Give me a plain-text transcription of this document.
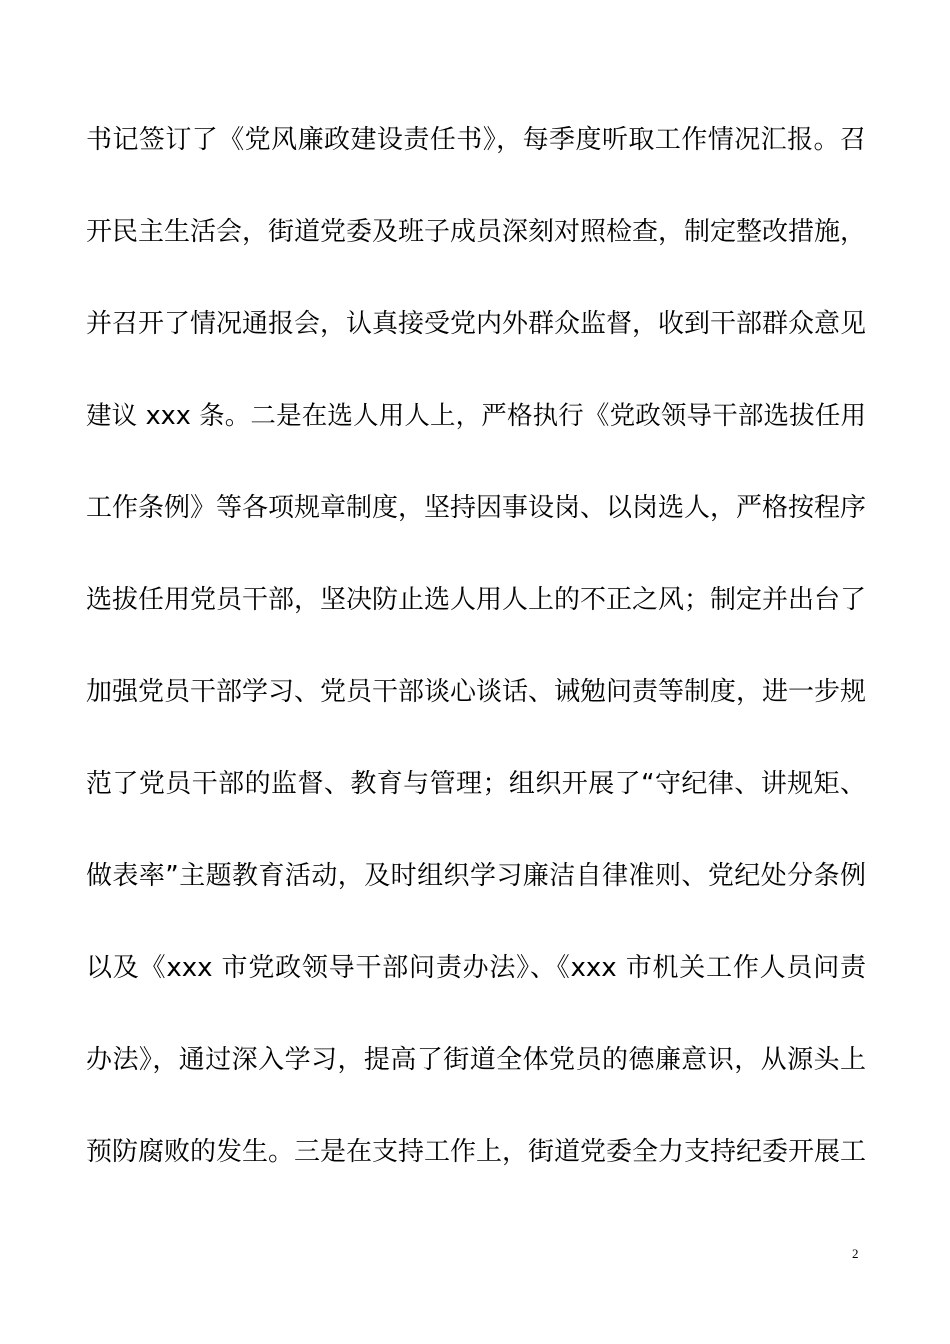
书记签订了《党风廉政建设责任书》，每季度听取工作情况汇报。召
开民主生活会，街道党委及班子成员深刻对照检查，制定整改措施，
并召开了情况通报会，认真接受党内外群众监督，收到干部群众意见
建议 xxx 条。二是在选人用人上，严格执行《党政领导干部选拔任用
工作条例》等各项规章制度，坚持因事设岗、以岗选人，严格按程序
选拔任用党员干部，坚决防止选人用人上的不正之风；制定并出台了
加强党员干部学习、党员干部谈心谈话、诫勉问责等制度，进一步规
范了党员干部的监督、教育与管理；组织开展了“守纪律、讲规矩、
做表率”主题教育活动，及时组织学习廉洁自律准则、党纪处分条例
以及《xxx 市党政领导干部问责办法》、《xxx 市机关工作人员问责
办法》，通过深入学习，提高了街道全体党员的德廉意识，从源头上
预防腐败的发生。三是在支持工作上，街道党委全力支持纪委开展工
2
